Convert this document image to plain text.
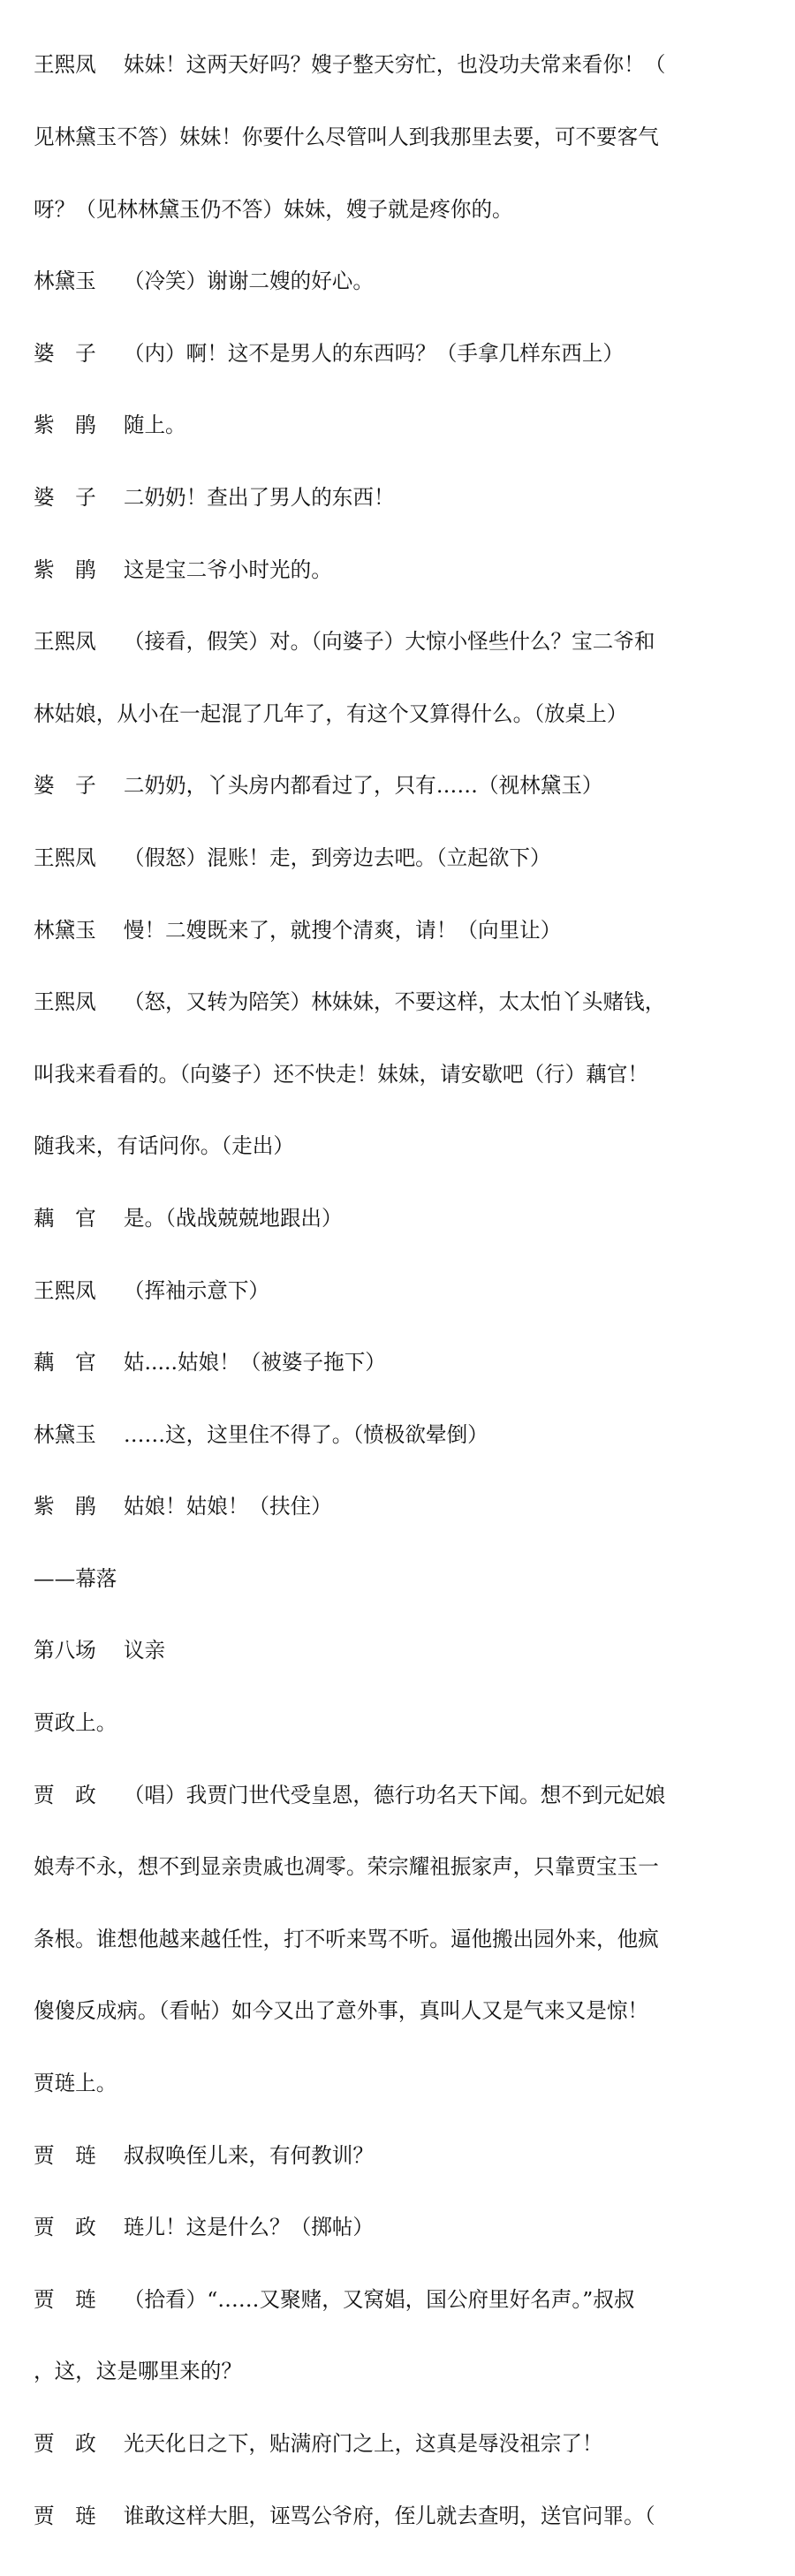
王熙凤　 妹妹！这两天好吗？嫂子整天穷忙，也没功夫常来看你！（

见林黛玉不答）妹妹！你要什么尽管叫人到我那里去要，可不要客气

呀？（见林林黛玉仍不答）妹妹，嫂子就是疼你的。

林黛玉　 （冷笑）谢谢二嫂的好心。

婆　子　 （内）啊！这不是男人的东西吗？（手拿几样东西上）

紫　鹃　 随上。

婆　子　 二奶奶！查出了男人的东西！

紫　鹃　 这是宝二爷小时光的。

王熙凤　 （接看，假笑）对。（向婆子）大惊小怪些什么？宝二爷和

林姑娘，从小在一起混了几年了，有这个又算得什么。（放桌上）

婆　子　 二奶奶，丫头房内都看过了，只有……（视林黛玉）

王熙凤　 （假怒）混账！走，到旁边去吧。（立起欲下）

林黛玉　 慢！二嫂既来了，就搜个清爽，请！（向里让）

王熙凤　 （怒，又转为陪笑）林妹妹，不要这样，太太怕丫头赌钱，

叫我来看看的。（向婆子）还不快走！妹妹，请安歇吧（行）藕官！

随我来，有话问你。（走出）

藕　官　 是。（战战兢兢地跟出）

王熙凤　 （挥袖示意下）

藕　官　 姑.....姑娘！（被婆子拖下）

林黛玉　 ……这，这里住不得了。（愤极欲晕倒）

紫　鹃　 姑娘！姑娘！（扶住）

——幕落

第八场　 议亲

贾政上。

贾　政　 （唱）我贾门世代受皇恩，德行功名天下闻。想不到元妃娘

娘寿不永，想不到显亲贵戚也凋零。荣宗耀祖振家声，只靠贾宝玉一

条根。谁想他越来越任性，打不听来骂不听。逼他搬出园外来，他疯

傻傻反成病。（看帖）如今又出了意外事，真叫人又是气来又是惊！

贾琏上。

贾　琏　 叔叔唤侄儿来，有何教训？

贾　政　 琏儿！这是什么？（掷帖）

贾　琏　 （拾看）“……又聚赌，又窝娼，国公府里好名声。”叔叔

，这，这是哪里来的？

贾　政　 光天化日之下，贴满府门之上，这真是辱没祖宗了！

贾　琏　 谁敢这样大胆，诬骂公爷府，侄儿就去查明，送官问罪。（
